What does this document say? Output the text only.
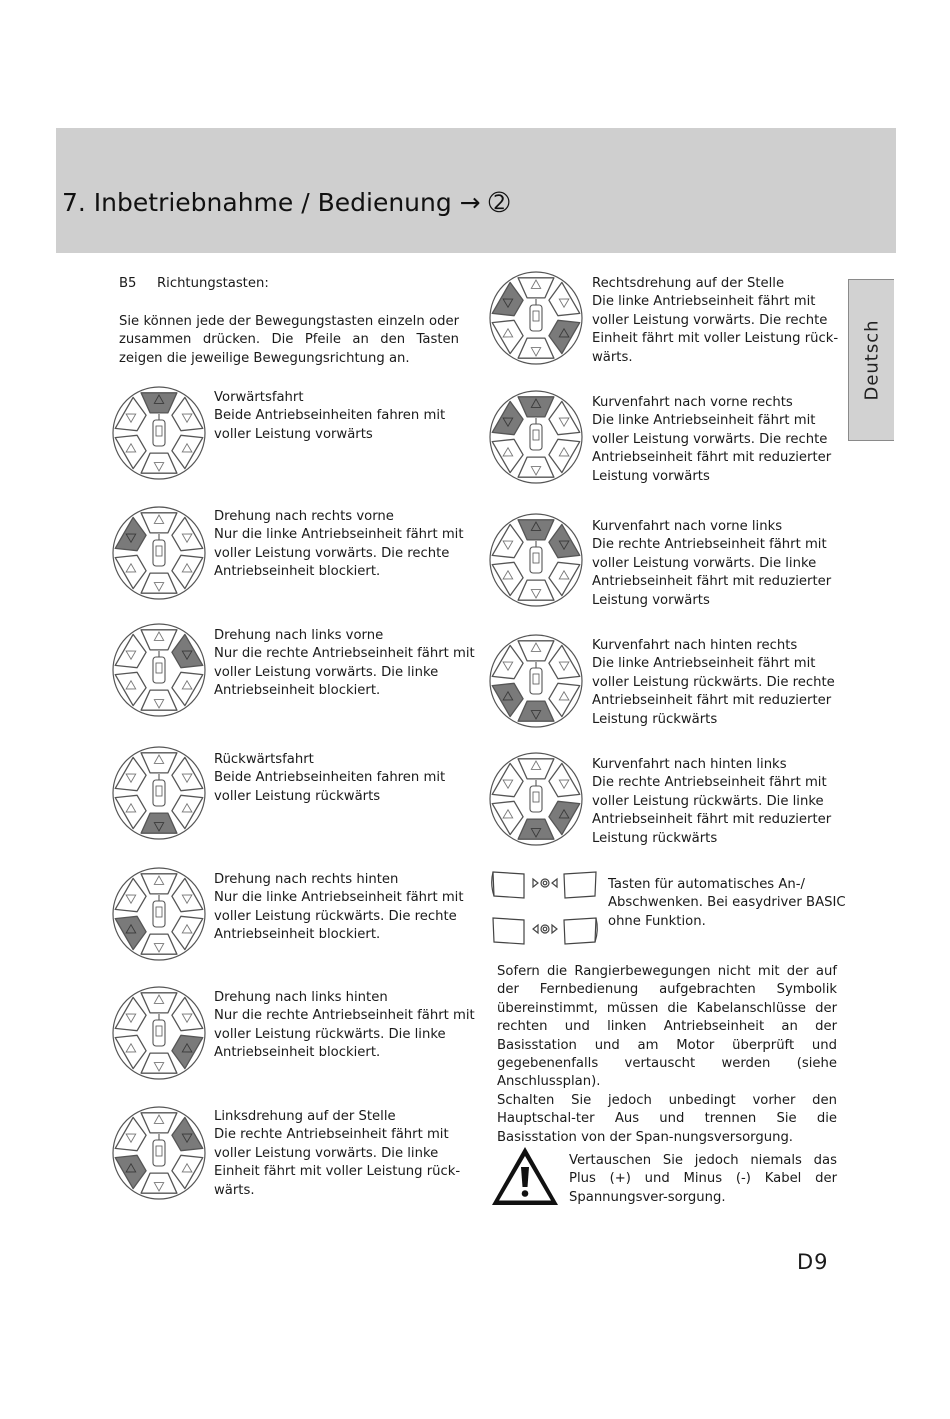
7. Inbetriebnahme / Bedienung → ➁
Deutsch
B5 Richtungstasten:
Sie können jede der Bewegungstasten einzeln oder zusammen drücken. Die Pfeile an den Tasten zeigen die jeweilige Bewegungsrichtung an.
Vorwärtsfahrt
Beide Antriebseinheiten fahren mit
voller Leistung vorwärts
Drehung nach rechts vorne
Nur die linke Antriebseinheit fährt mit
voller Leistung vorwärts. Die rechte
Antriebseinheit blockiert.
Drehung nach links vorne
Nur die rechte Antriebseinheit fährt mit
voller Leistung vorwärts. Die linke
Antriebseinheit blockiert.
Rückwärtsfahrt
Beide Antriebseinheiten fahren mit
voller Leistung rückwärts
Drehung nach rechts hinten
Nur die linke Antriebseinheit fährt mit
voller Leistung rückwärts. Die rechte
Antriebseinheit blockiert.
Drehung nach links hinten
Nur die rechte Antriebseinheit fährt mit
voller Leistung rückwärts. Die linke
Antriebseinheit blockiert.
Linksdrehung auf der Stelle
Die rechte Antriebseinheit fährt mit
voller Leistung vorwärts. Die linke
Einheit fährt mit voller Leistung rück-
wärts.
Rechtsdrehung auf der Stelle
Die linke Antriebseinheit fährt mit
voller Leistung vorwärts. Die rechte
Einheit fährt mit voller Leistung rück-
wärts.
Kurvenfahrt nach vorne rechts
Die linke Antriebseinheit fährt mit
voller Leistung vorwärts. Die rechte
Antriebseinheit fährt mit reduzierter
Leistung vorwärts
Kurvenfahrt nach vorne links
Die rechte Antriebseinheit fährt mit
voller Leistung vorwärts. Die linke
Antriebseinheit fährt mit reduzierter
Leistung vorwärts
Kurvenfahrt nach hinten rechts
Die linke Antriebseinheit fährt mit
voller Leistung rückwärts. Die rechte
Antriebseinheit fährt mit reduzierter
Leistung rückwärts
Kurvenfahrt nach hinten links
Die rechte Antriebseinheit fährt mit
voller Leistung rückwärts. Die linke
Antriebseinheit fährt mit reduzierter
Leistung rückwärts
Tasten für automatisches An-/
Abschwenken. Bei easydriver BASIC
ohne Funktion.
Sofern die Rangierbewegungen nicht mit der auf der Fernbedienung aufgebrachten Symbolik übereinstimmt, müssen die Kabelanschlüsse der rechten und linken Antriebseinheit an der Basisstation und am Motor überprüft und gegebenenfalls vertauscht werden (siehe Anschlussplan).
Schalten Sie jedoch unbedingt vorher den Hauptschal-ter Aus und trennen Sie die Basisstation von der Span-nungsversorgung.
Vertauschen Sie jedoch niemals das Plus (+) und Minus (-) Kabel der Spannungsver-sorgung.
D9
